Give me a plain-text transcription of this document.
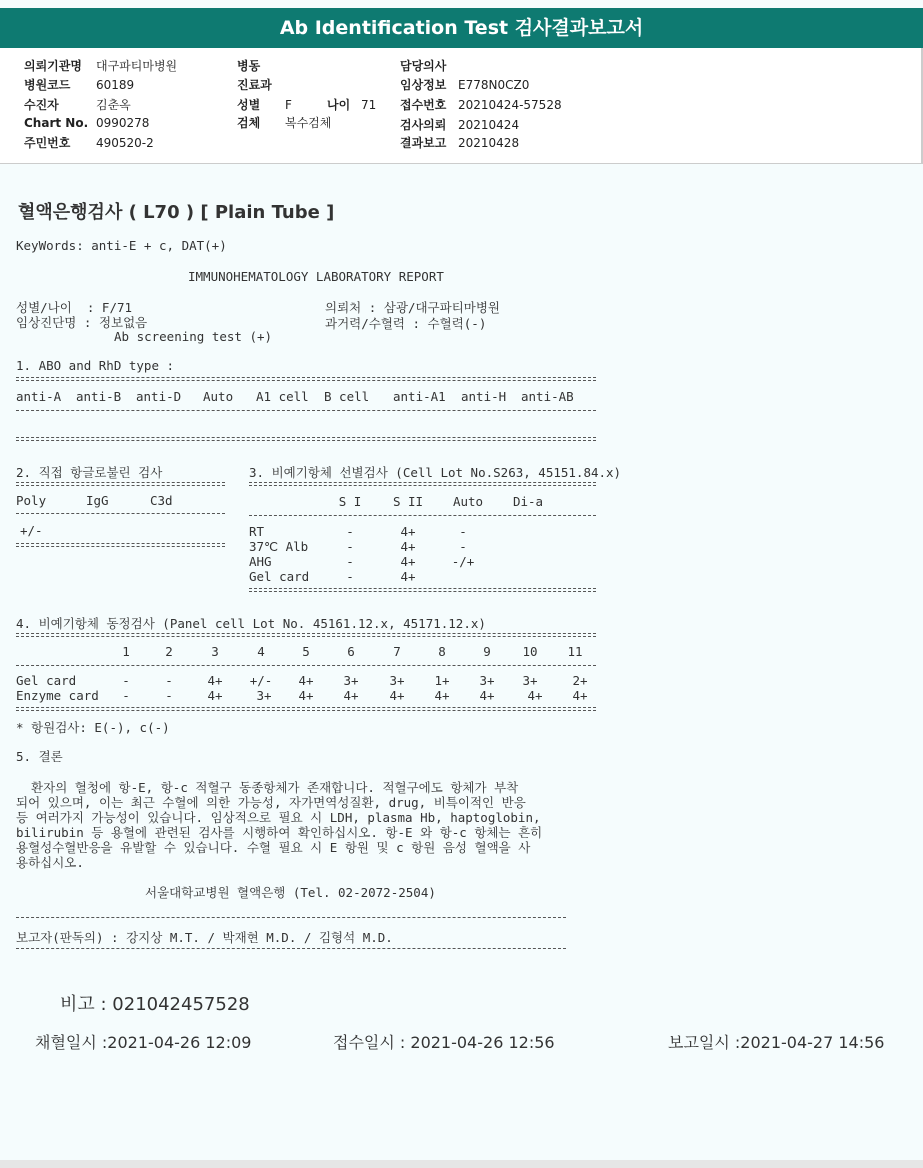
Ab Identification Test 검사결과보고서
의뢰기관명 대구파티마병원
병원코드 60189
수진자	김춘옥
Chart No. 0990278
주민번호 490520-2
병동
진료과
성별 F	나이 71
검체 복수검체
담당의사
임상정보 E778N0CZ0
접수번호 20210424-57528
검사의뢰 20210424
결과보고 20210428
혈액은행검사 ( L70 ) [ Plain Tube ]
KeyWords: anti-E + c, DAT(+)
IMMUNOHEMATOLOGY LABORATORY REPORT
성별/나이  : F/71
임상진단명 : 정보없음
Ab screening test (+)
의뢰처 : 삼광/대구파티마병원
과거력/수혈력 : 수혈력(-)
1. ABO and RhD type :
anti-A anti-B anti-D Auto A1 cell B cell anti-A1 anti-H anti-AB
2. 직접 항글로불린 검사
Poly	IgG	C3d
+/-
3. 비예기항체 선별검사 (Cell Lot No.S263, 45151.84.x)
S I	S II	Auto	Di-a
RT	-	4+	-
37℃ Alb	-	4+	-
AHG	-	4+	-/+
Gel card	-	4+
4. 비예기항체 동정검사 (Panel cell Lot No. 45161.12.x, 45171.12.x)
1	2	3	4	5	6	7	8	9	10	11
Gel card	-	-	4+	+/-	4+	3+	3+	1+	3+	3+	2+
Enzyme card	-	-	4+	3+	4+	4+	4+	4+	4+	4+	4+
* 항원검사: E(-), c(-)
5. 결론
환자의 혈청에 항-E, 항-c 적혈구 동종항체가 존재합니다. 적혈구에도 항체가 부착
되어 있으며, 이는 최근 수혈에 의한 가능성, 자가면역성질환, drug, 비특이적인 반응
등 여러가지 가능성이 있습니다. 임상적으로 필요 시 LDH, plasma Hb, haptoglobin,
bilirubin 등 용혈에 관련된 검사를 시행하여 확인하십시오. 항-E 와 항-c 항체는 흔히
용혈성수혈반응을 유발할 수 있습니다. 수혈 필요 시 E 항원 및 c 항원 음성 혈액을 사
용하십시오.
서울대학교병원 혈액은행 (Tel. 02-2072-2504)
보고자(판독의) : 강지상 M.T. / 박재현 M.D. / 김형석 M.D.
비고 : 021042457528
채혈일시 :2021-04-26 12:09	접수일시 : 2021-04-26 12:56	보고일시 :2021-04-27 14:56
